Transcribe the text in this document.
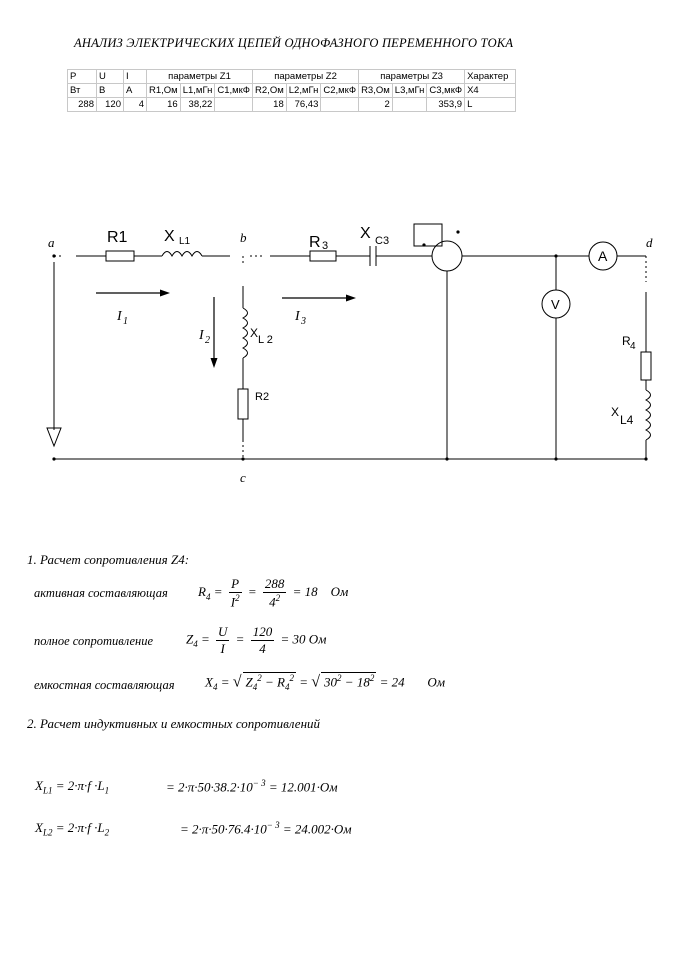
АНАЛИЗ ЭЛЕКТРИЧЕСКИХ ЦЕПЕЙ ОДНОФАЗНОГО ПЕРЕМЕННОГО ТОКА
P	U	I	параметры Z1			параметры Z2			параметры Z3			Характер
Вт	В	А	R1,Ом	L1,мГн	C1,мкФ	R2,Ом	L2,мГн	C2,мкФ	R3,Ом	L3,мГн	C3,мкФ	X4
288	120	4	16	38,22		18	76,43		2		353,9	L
a	b
c
d
R1 X L1	R 3
X C3
X L 2
R2
R 4
X
L4
A
V
I 1
I 2
I 3
1. Расчет сопротивления Z4:
активная составляющая $R_4 = \frac{P}{I^2} = \frac{288}{4^2} = 18$ Ом
полное сопротивление	$Z_4 = \frac{U}{I} = \frac{120}{4} = 30$ Ом
емкостная составляющая $X_4$ = √ $Z_4^2 - R_4^2$ = √ $30^2 - 18^2 = 24$ Ом
2. Расчет индуктивных и емкостных сопротивлений
$X_{L1} = 2\cdot\pi\cdot f \cdot L_1$	= $2\cdot\pi\cdot 50\cdot 38.2\cdot 10^{- 3} = 12.001\cdot Ом$
$X_{L2} = 2\cdot\pi\cdot f \cdot L_2$	= $2\cdot\pi\cdot 50\cdot 76.4\cdot 10^{- 3} = 24.002\cdot Ом$
